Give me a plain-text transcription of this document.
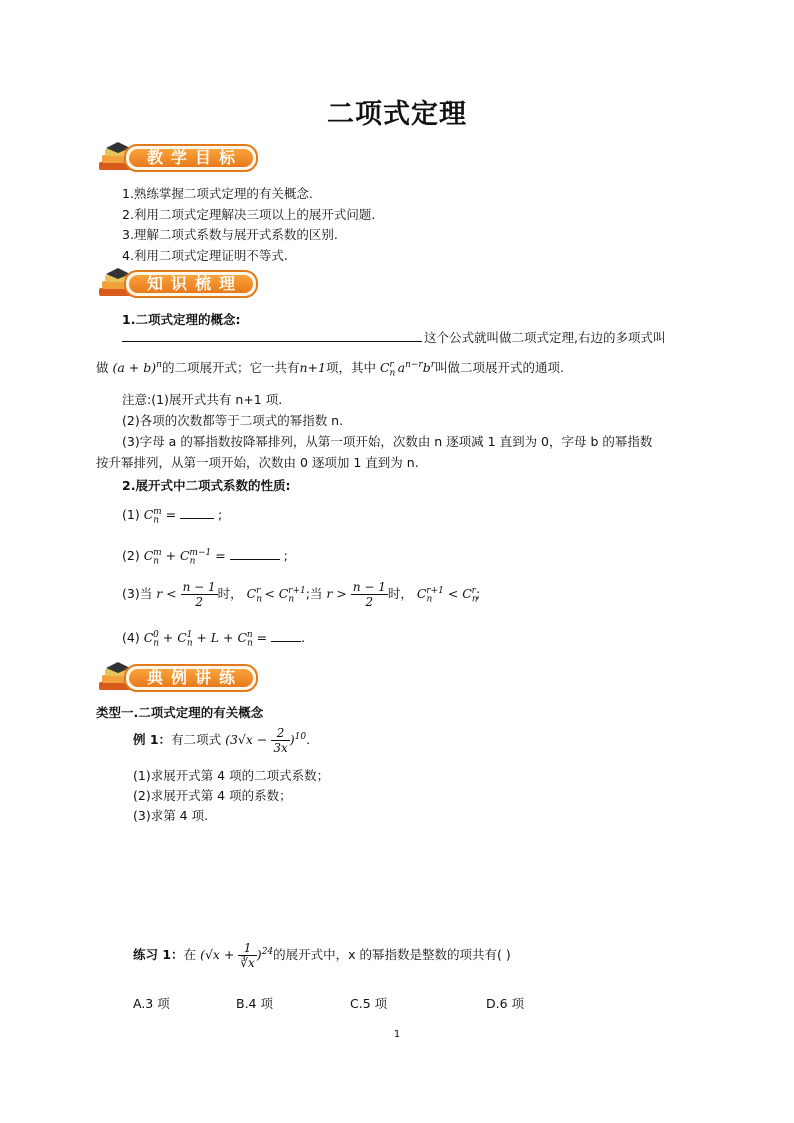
二项式定理
教学目标
1.熟练掌握二项式定理的有关概念.
2.利用二项式定理解决三项以上的展开式问题.
3.理解二项式系数与展开式系数的区别.
4.利用二项式定理证明不等式.
知识梳理
1.二项式定理的概念:
这个公式就叫做二项式定理,右边的多项式叫
做 $(a + b)^n$的二项展开式；它一共有n+1项，其中 $C_n^r$ $a^{n-r}b^r$叫做二项展开式的通项.
注意:(1)展开式共有 n+1 项.
(2)各项的次数都等于二项式的幂指数 n.
(3)字母 a 的幂指数按降幂排列，从第一项开始，次数由 n 逐项减 1 直到为 0，字母 b 的幂指数
按升幂排列，从第一项开始，次数由 0 逐项加 1 直到为 n.
2.展开式中二项式系数的性质:
(1) $C_n^m$ =	;
(2) $C_n^m + C_n^{m-1}$ =	;
(3)当 $r < \frac{n - 1}{2}$ 时， $C_n^r < C_n^{r+1}$;当 $r > \frac{n - 1}{2}$ 时， $C_n^{r+1} < C_n^r$;
(4) $C_n^0 + C_n^1 + L + C_n^n$ = .
典例讲练
类型一.二项式定理的有关概念
例 1：有二项式 $(3√x - \frac{2}{3x} )^{10}$.
(1)求展开式第 4 项的二项式系数；
(2)求展开式第 4 项的系数；
(3)求第 4 项.
练习 1：在 $(√x + \frac{1}{∛x} )^{24}$的展开式中，x 的幂指数是整数的项共有( )
A.3 项	B.4 项	C.5 项	D.6 项
1
